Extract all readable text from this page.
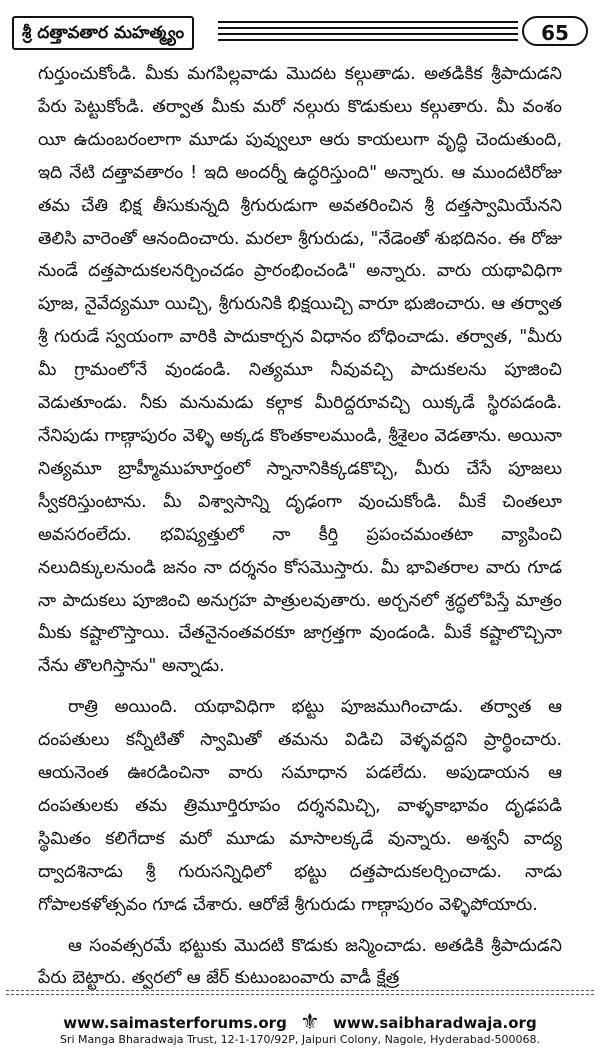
శ్రీ దత్తావతార మహత్మ్యం	65

గుర్తుంచుకోండి. మీకు మగపిల్లవాడు మొదట కల్గుతాడు. అతడికిక శ్రీపాదుడని పేరు పెట్టుకోండి. తర్వాత మీకు మరో నల్గురు కొడుకులు కల్గుతారు. మీ వంశం యీ ఉదుంబరంలాగా మూడు పువ్వులూ ఆరు కాయలుగా వృద్ధి చెందుతుంది, ఇది నేటి దత్తావతారం ! ఇది అందర్నీ ఉద్ధరిస్తుంది" అన్నారు. ఆ ముందటిరోజు తమ చేతి భిక్ష తీసుకున్నది శ్రీగురుడుగా అవతరించిన శ్రీ దత్తస్వామియేనని తెలిసి వారెంతో ఆనందించారు. మరలా శ్రీగురుడు, "నేడెంతో శుభదినం. ఈ రోజు నుండే దత్తపాదుకలనర్చించడం ప్రారంభించండి" అన్నారు. వారు యథావిధిగా పూజ, నైవేద్యమూ యిచ్చి, శ్రీగురునికి భిక్షయిచ్చి వారూ భుజించారు. ఆ తర్వాత శ్రీ గురుడే స్వయంగా వారికి పాదుకార్చన విధానం బోధించాడు. తర్వాత, "మీరు మీ గ్రామంలోనే వుండండి. నిత్యమూ నీవువచ్చి పాదుకలను పూజించి వెడుతూండు. నీకు మనుమడు కల్గాక మీరిద్దరూవచ్చి యిక్కడే స్థిరపడండి. నేనిపుడు గాణ్గాపురం వెళ్ళి అక్కడ కొంతకాలముండి, శ్రీశైలం వెడతాను. అయినా నిత్యమూ బ్రాహ్మీముహూర్తంలో స్నానానికిక్కడకొచ్చి, మీరు చేసే పూజలు స్వీకరిస్తుంటాను. మీ విశ్వాసాన్ని దృఢంగా వుంచుకోండి. మీకే చింతలూ అవసరంలేదు. భవిష్యత్తులో నా కీర్తి ప్రపంచమంతటా వ్యాపించి నలుదిక్కులనుండి జనం నా దర్శనం కోసమొస్తారు. మీ భావితరాల వారు గూడ నా పాదుకలు పూజించి అనుగ్రహ పాత్రులవుతారు. అర్చనలో శ్రద్ధలోపిస్తే మాత్రం మీకు కష్టాలొస్తాయి. చేతనైనంతవరకూ జాగ్రత్తగా వుండండి. మీకే కష్టాలొచ్చినా నేను తొలగిస్తాను" అన్నాడు.

రాత్రి అయింది. యథావిధిగా భట్టు పూజముగించాడు. తర్వాత ఆ దంపతులు కన్నీటితో స్వామితో తమను విడిచి వెళ్ళవద్దని ప్రార్థించారు. ఆయనెంత ఊరడించినా వారు సమాధాన పడలేదు. అపుడాయన ఆ దంపతులకు తమ త్రిమూర్తిరూపం దర్శనమిచ్చి, వాళ్ళకాభావం దృఢపడి స్థిమితం కలిగేదాక మరో మూడు మాసాలక్కడే వున్నారు. అశ్వనీ వాద్య ద్వాదశినాడు శ్రీ గురుసన్నిధిలో భట్టు దత్తపాదుకలర్చించాడు. నాడు గోపాలకళోత్సవం గూడ చేశారు. ఆరోజే శ్రీగురుడు గాణ్గాపురం వెళ్ళిపోయారు.

ఆ సంవత్సరమే భట్టుకు మొదటి కొడుకు జన్మించాడు. అతడికి శ్రీపాదుడని పేరు బెట్టారు. త్వరలో ఆ జేర్ కుటుంబంవారు వాడీ క్షేత్ర

www.saimasterforums.org ⚜ www.saibharadwaja.org
Sri Manga Bharadwaja Trust, 12-1-170/92P, Jaipuri Colony, Nagole, Hyderabad-500068.
